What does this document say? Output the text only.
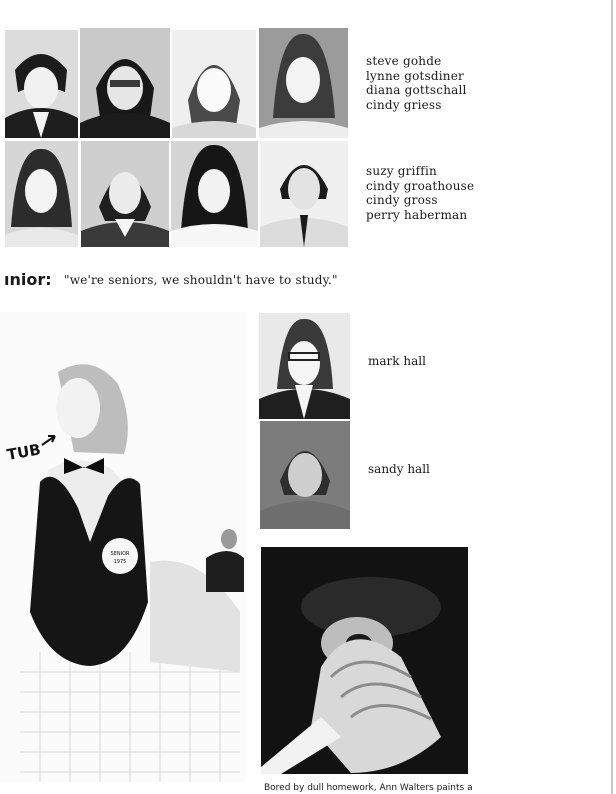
steve gohde
lynne gotsdiner
diana gottschall
cindy griess
suzy griffin
cindy groathouse
cindy gross
perry haberman
ınior: "we're seniors, we shouldn't have to study."
SENIOR
1975
TUB
mark hall
sandy hall
Bored by dull homework, Ann Walters paints a
